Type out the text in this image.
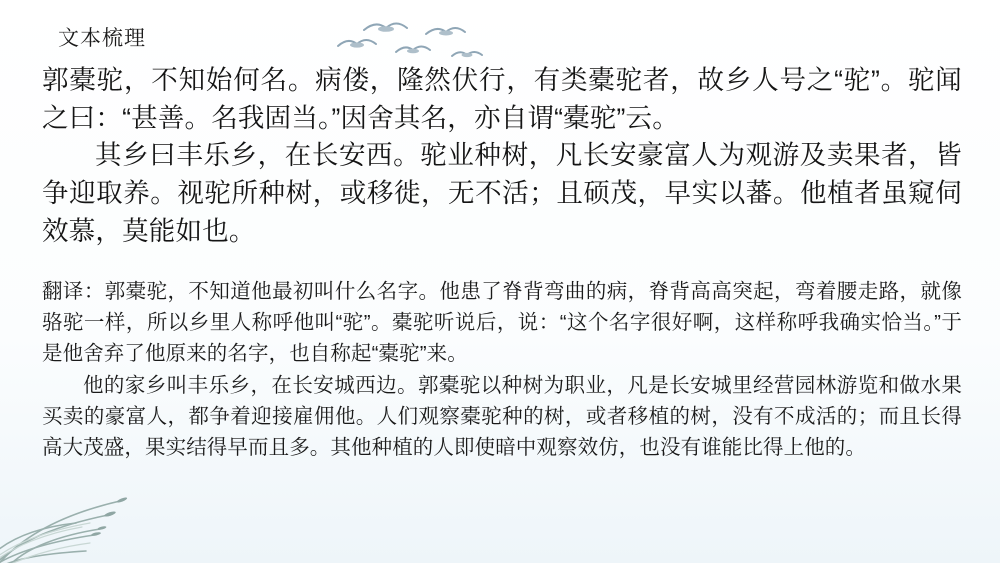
文本梳理

郭橐驼，不知始何名。病偻，隆然伏行，有类橐驼者，故乡人号之“驼”。驼闻之曰：“甚善。名我固当。”因舍其名，亦自谓“橐驼”云。

其乡曰丰乐乡，在长安西。驼业种树，凡长安豪富人为观游及卖果者，皆争迎取养。视驼所种树，或移徙，无不活；且硕茂，早实以蕃。他植者虽窥伺效慕，莫能如也。

翻译：郭橐驼，不知道他最初叫什么名字。他患了脊背弯曲的病，脊背高高突起，弯着腰走路，就像骆驼一样，所以乡里人称呼他叫“驼”。橐驼听说后，说：“这个名字很好啊，这样称呼我确实恰当。”于是他舍弃了他原来的名字，也自称起“橐驼”来。

他的家乡叫丰乐乡，在长安城西边。郭橐驼以种树为职业，凡是长安城里经营园林游览和做水果买卖的豪富人，都争着迎接雇佣他。人们观察橐驼种的树，或者移植的树，没有不成活的；而且长得高大茂盛，果实结得早而且多。其他种植的人即使暗中观察效仿，也没有谁能比得上他的。
